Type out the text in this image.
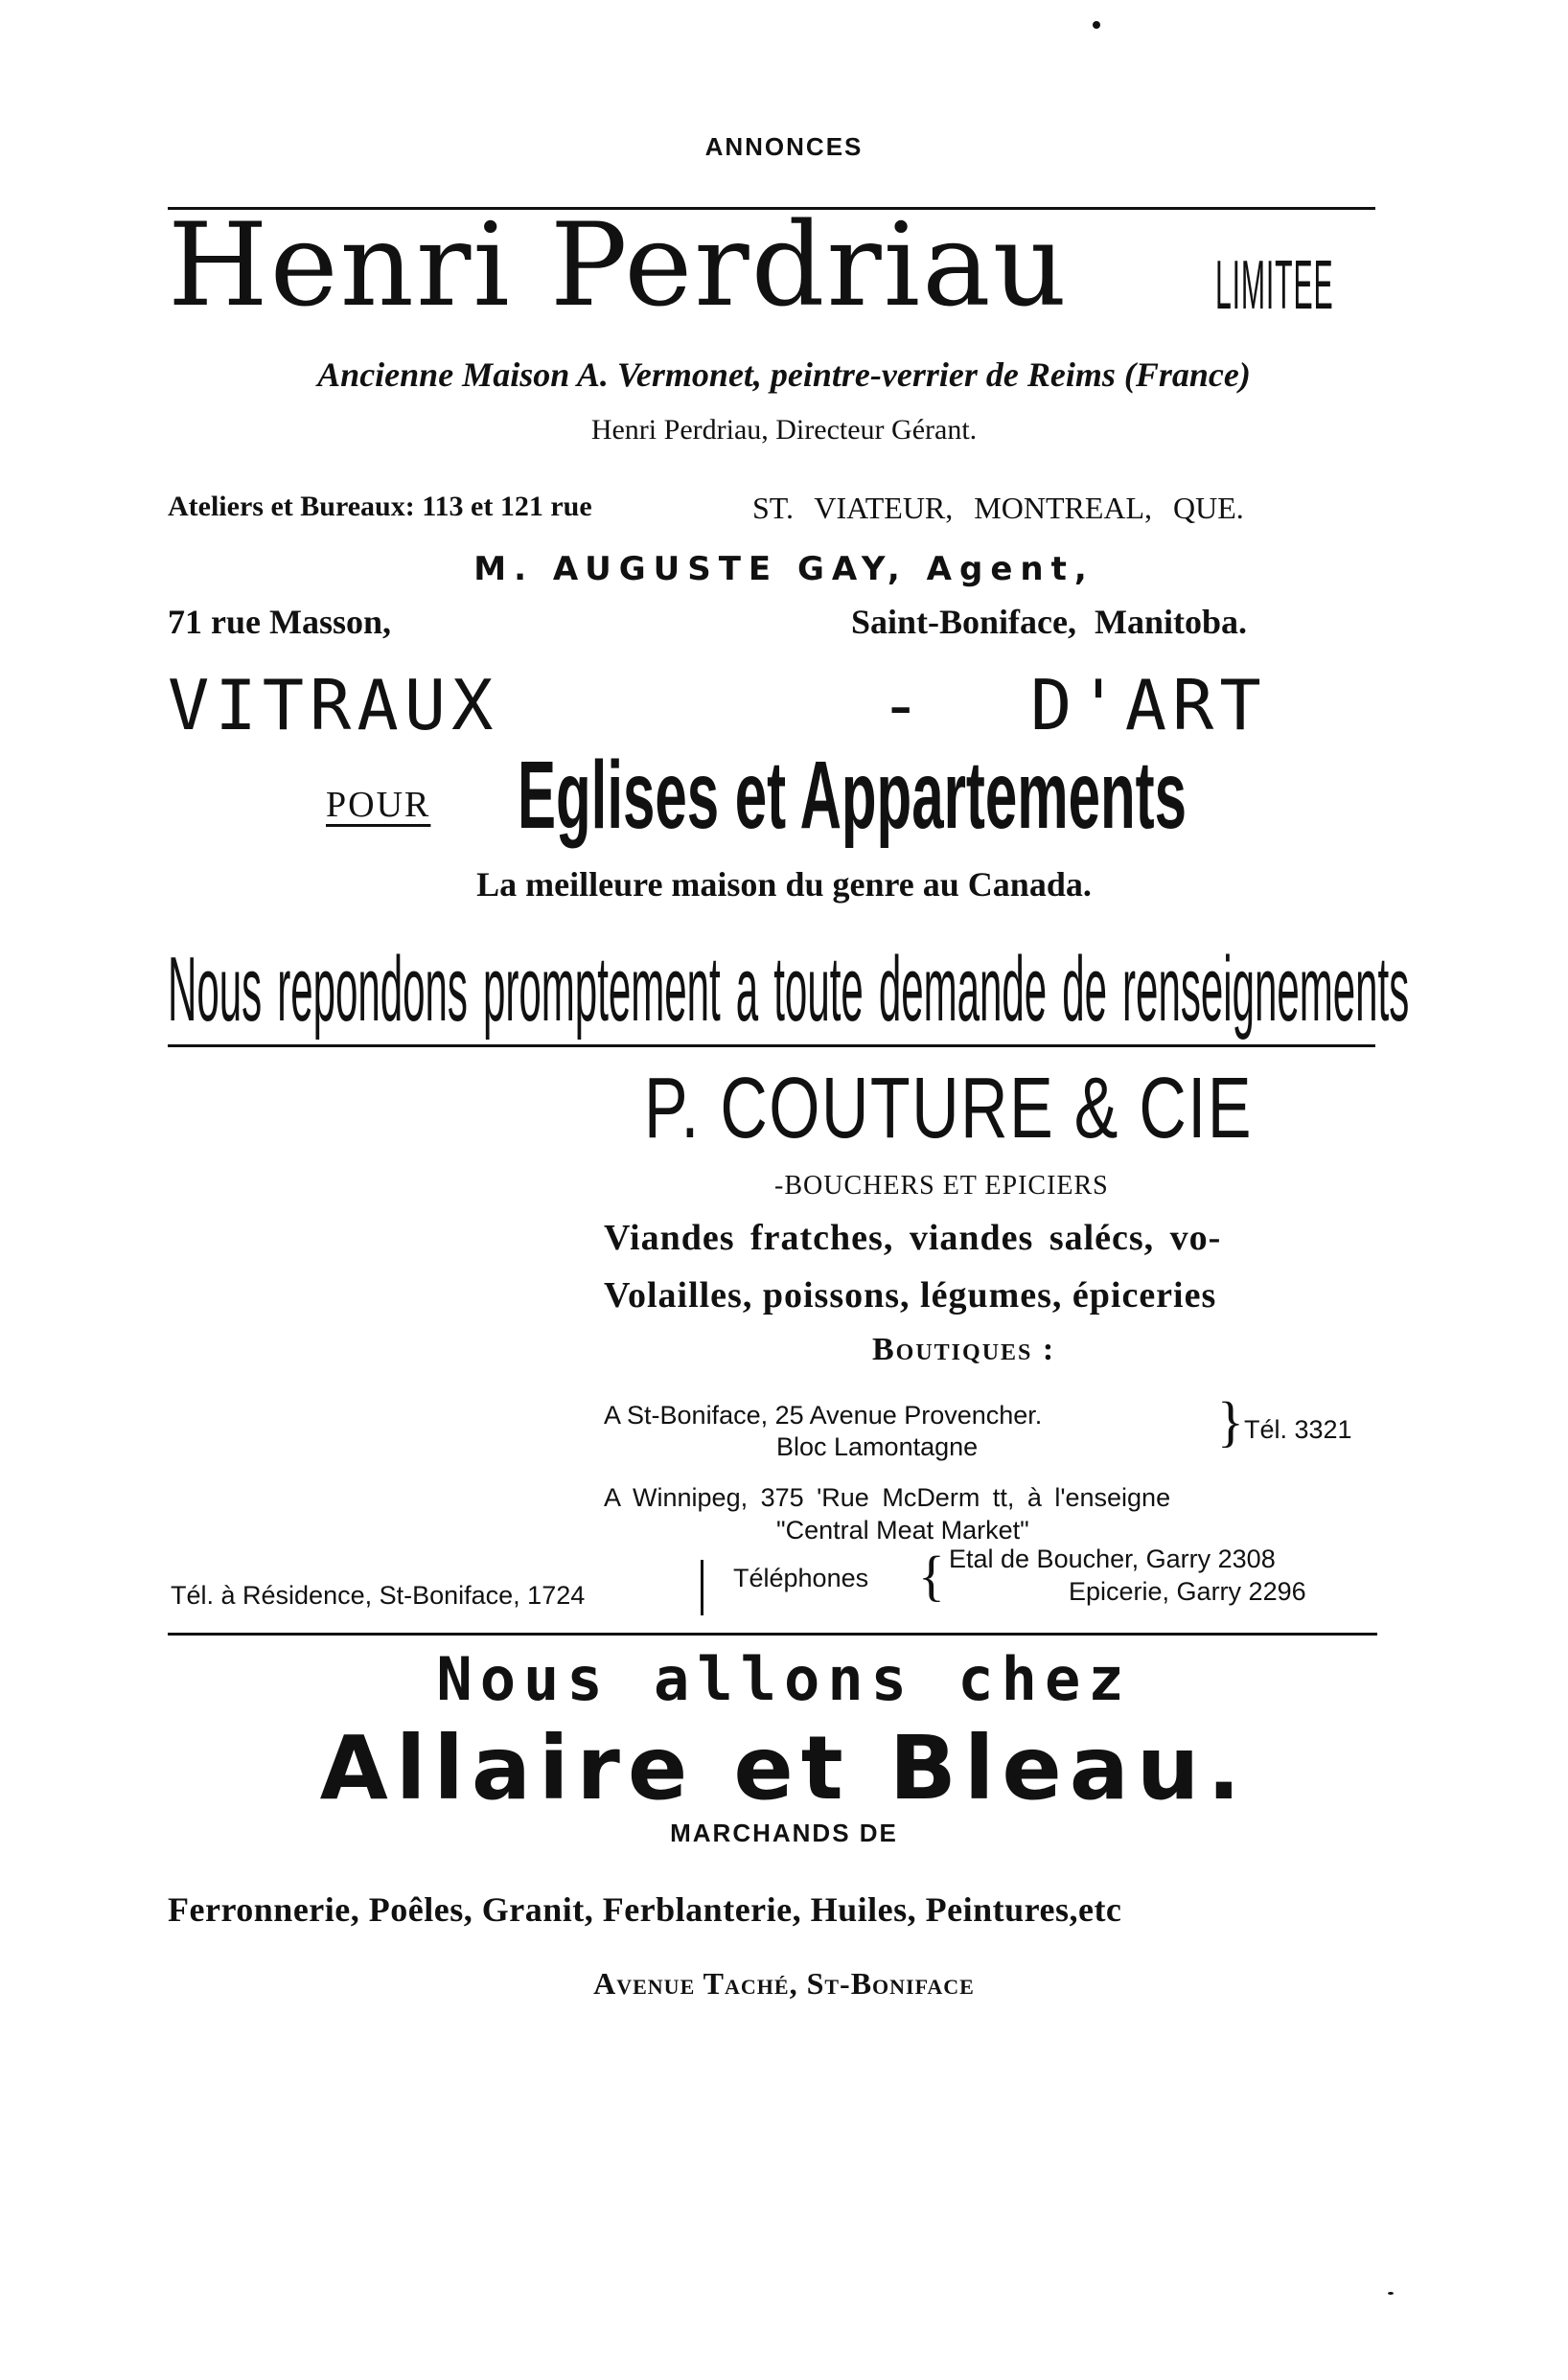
ANNONCES
Henri Perdriau LIMITEE
Ancienne Maison A. Vermonet, peintre-verrier de Reims (France)
Henri Perdriau, Directeur Gérant.
Ateliers et Bureaux: 113 et 121 rue	ST. VIATEUR, MONTREAL, QUE.
M. AUGUSTE GAY, Agent,
71 rue Masson,	Saint-Boniface, Manitoba.
VITRAUX	- D'ART
POUR Eglises et Appartements
La meilleure maison du genre au Canada.
Nous repondons promptement a toute demande de renseignements
P. COUTURE & CIE
-BOUCHERS ET EPICIERS
Viandes fratches, viandes salécs, vo-
Volailles, poissons, légumes, épiceries
Boutiques :
A St-Boniface, 25 Avenue Provencher.
Bloc Lamontagne	} Tél. 3321
A Winnipeg, 375 'Rue McDerm tt, à l'enseigne
"Central Meat Market"
Etal de Boucher, Garry 2308
Epicerie, Garry 2296
Tél. à Résidence, St-Boniface, 1724
Téléphones {
Nous allons chez
Allaire et Bleau.
MARCHANDS DE
Ferronnerie, Poêles, Granit, Ferblanterie, Huiles, Peintures,etc
Avenue Taché, St-Boniface
